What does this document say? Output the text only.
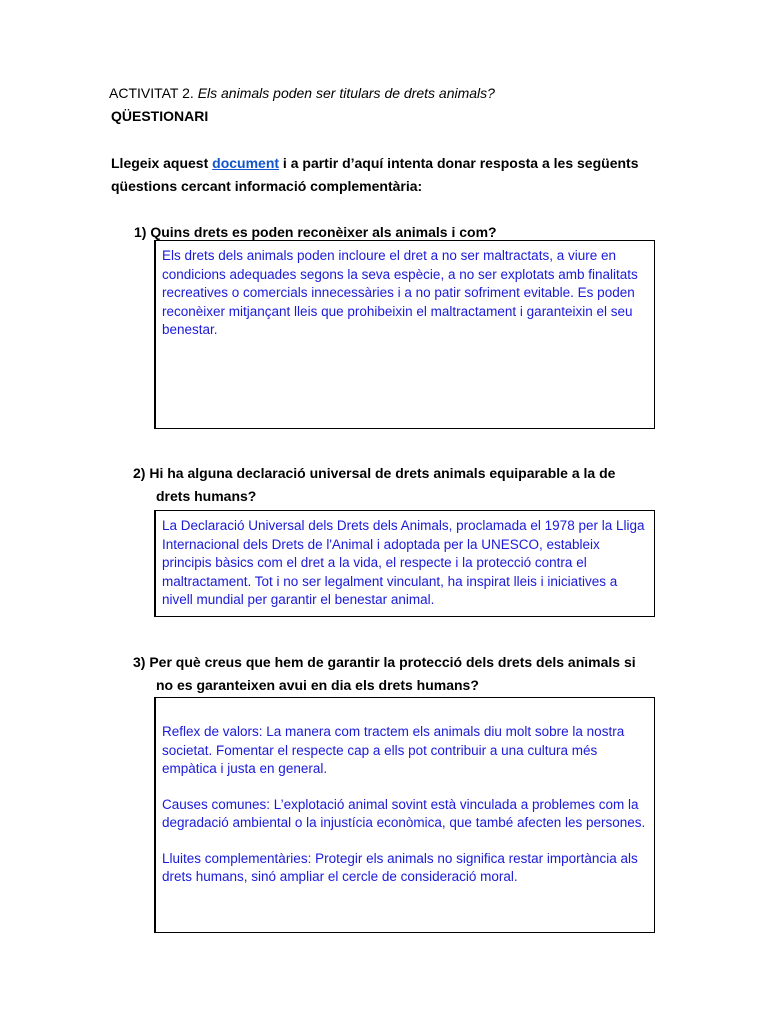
ACTIVITAT 2. Els animals poden ser titulars de drets animals?
QÜESTIONARI
Llegeix aquest document i a partir d’aquí intenta donar resposta a les següents qüestions cercant informació complementària:
1) Quins drets es poden reconèixer als animals i com?

Els drets dels animals poden incloure el dret a no ser maltractats, a viure en condicions adequades segons la seva espècie, a no ser explotats amb finalitats recreatives o comercials innecessàries i a no patir sofriment evitable. Es poden reconèixer mitjançant lleis que prohibeixin el maltractament i garanteixin el seu benestar.

2) Hi ha alguna declaració universal de drets animals equiparable a la de
drets humans?

La Declaració Universal dels Drets dels Animals, proclamada el 1978 per la Lliga Internacional dels Drets de l'Animal i adoptada per la UNESCO, estableix principis bàsics com el dret a la vida, el respecte i la protecció contra el maltractament. Tot i no ser legalment vinculant, ha inspirat lleis i iniciatives a nivell mundial per garantir el benestar animal.

3) Per què creus que hem de garantir la protecció dels drets dels animals si
no es garanteixen avui en dia els drets humans?

Reflex de valors: La manera com tractem els animals diu molt sobre la nostra societat. Fomentar el respecte cap a ells pot contribuir a una cultura més empàtica i justa en general.

Causes comunes: L’explotació animal sovint està vinculada a problemes com la degradació ambiental o la injustícia econòmica, que també afecten les persones.

Lluites complementàries: Protegir els animals no significa restar importància als drets humans, sinó ampliar el cercle de consideració moral.
